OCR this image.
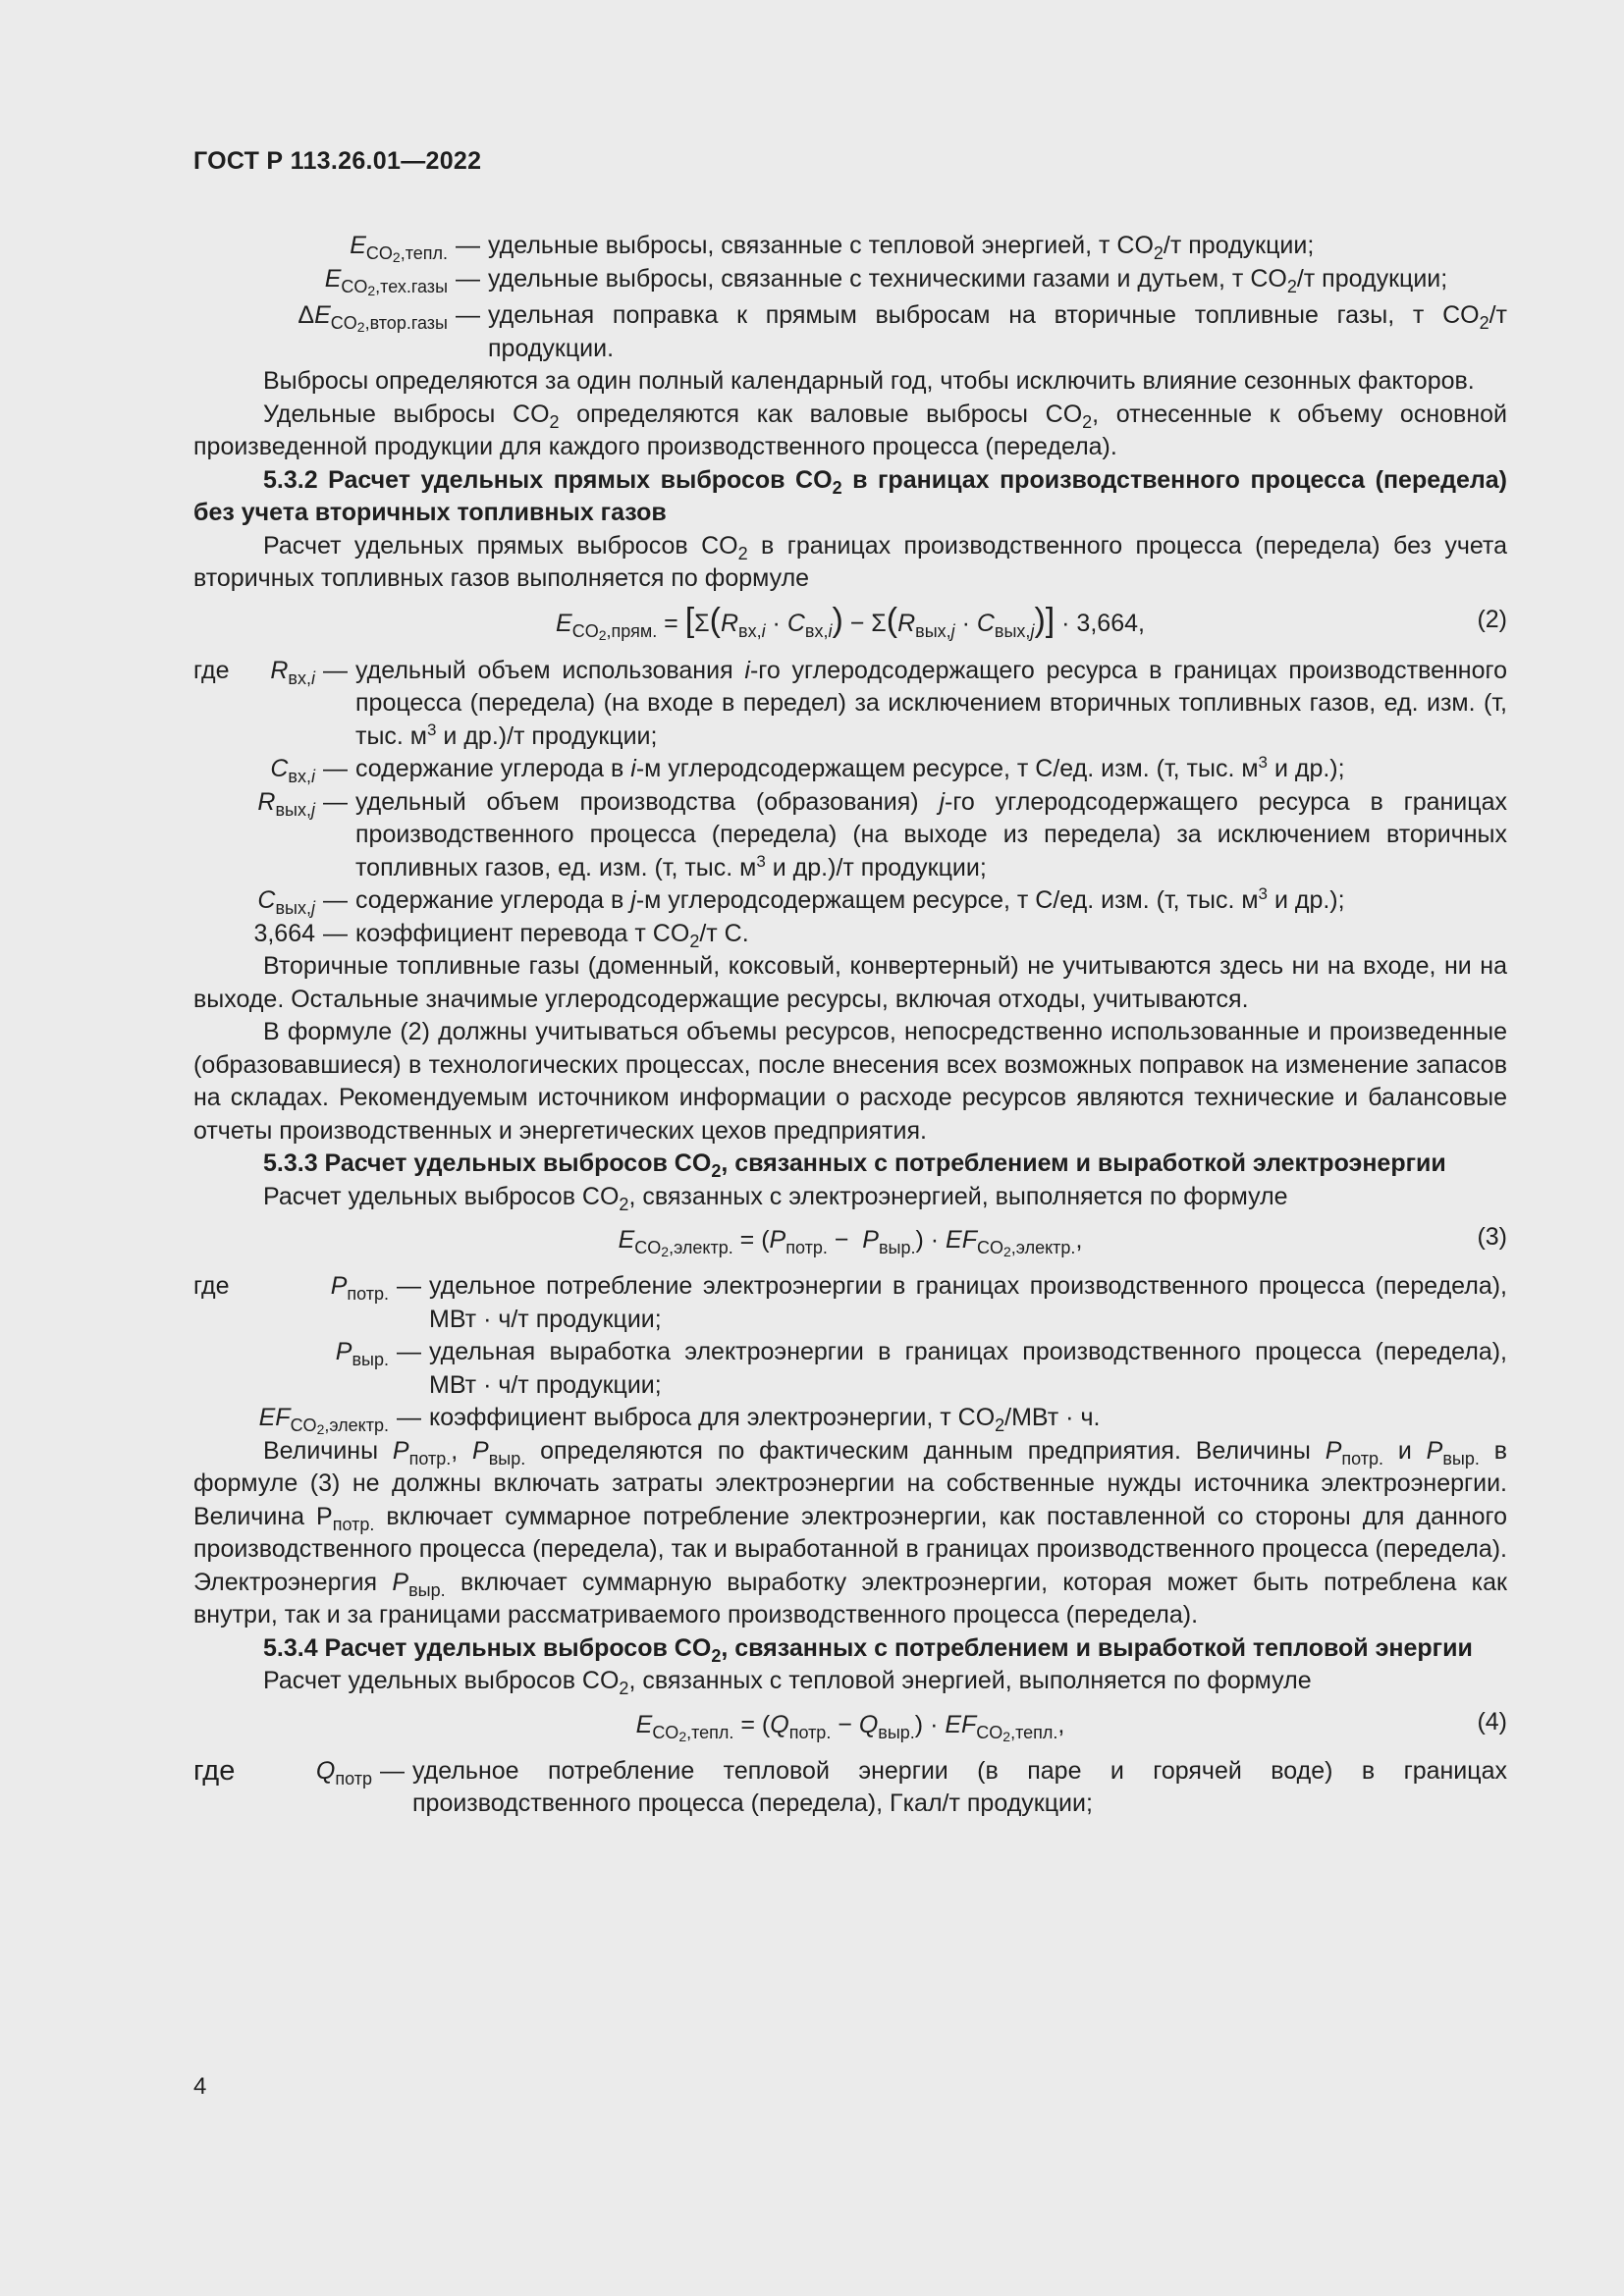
ГОСТ Р 113.26.01—2022
$E_{CO_2,тепл.}$ — удельные выбросы, связанные с тепловой энергией, т $CO_2/т$ продукции;
$E_{CO_2,тех.газы}$ — удельные выбросы, связанные с техническими газами и дутьем, т $CO_2/т$ продукции;
$\Delta E_{CO_2,втор.газы}$ — удельная поправка к прямым выбросам на вторичные топливные газы, т $CO_2/т$ продукции.

Выбросы определяются за один полный календарный год, чтобы исключить влияние сезонных факторов.

Удельные выбросы $CO_2$ определяются как валовые выбросы $CO_2$, отнесенные к объему основной произведенной продукции для каждого производственного процесса (передела).

5.3.2 Расчет удельных прямых выбросов $CO_2$ в границах производственного процесса (передела) без учета вторичных топливных газов

Расчет удельных прямых выбросов $CO_2$ в границах производственного процесса (передела) без учета вторичных топливных газов выполняется по формуле

$E_{CO_2,прям.} = [\Sigma(R_{вх,i} \cdot C_{вх,i}) - \Sigma(R_{вых,j} \cdot C_{вых,j})] \cdot 3,664$,	(2)
где	$R_{вх,i}$ — удельный объем использования i-го углеродсодержащего ресурса в границах производственного процесса (передела) (на входе в передел) за исключением вторичных топливных газов, ед. изм. (т, тыс. $м^3$ и др.)/т продукции;
$C_{вх,i}$ — содержание углерода в i-м углеродсодержащем ресурсе, т С/ед. изм. (т, тыс. $м^3$ и др.);
$R_{вых,j}$ — удельный объем производства (образования) j-го углеродсодержащего ресурса в границах производственного процесса (передела) (на выходе из передела) за исключением вторичных топливных газов, ед. изм. (т, тыс. $м^3$ и др.)/т продукции;
$C_{вых,j}$ — содержание углерода в j-м углеродсодержащем ресурсе, т С/ед. изм. (т, тыс. $м^3$ и др.);
3,664 — коэффициент перевода т $CO_2/т$ С.

Вторичные топливные газы (доменный, коксовый, конвертерный) не учитываются здесь ни на входе, ни на выходе. Остальные значимые углеродсодержащие ресурсы, включая отходы, учитываются.

В формуле (2) должны учитываться объемы ресурсов, непосредственно использованные и произведенные (образовавшиеся) в технологических процессах, после внесения всех возможных поправок на изменение запасов на складах. Рекомендуемым источником информации о расходе ресурсов являются технические и балансовые отчеты производственных и энергетических цехов предприятия.

5.3.3 Расчет удельных выбросов $CO_2$, связанных с потреблением и выработкой электроэнергии

Расчет удельных выбросов $CO_2$, связанных с электроэнергией, выполняется по формуле

$E_{CO_2,электр.} = (P_{потр.} - P_{выр.}) \cdot EF_{CO_2,электр.}$,	(3)
где	$P_{потр.}$ — удельное потребление электроэнергии в границах производственного процесса (передела), МВт · ч/т продукции;
$P_{выр.}$ — удельная выработка электроэнергии в границах производственного процесса (передела), МВт · ч/т продукции;
$EF_{CO_2,электр.}$ — коэффициент выброса для электроэнергии, т $CO_2$/МВт · ч.

Величины $P_{потр.}$, $P_{выр.}$ определяются по фактическим данным предприятия. Величины $P_{потр.}$ и $P_{выр.}$ в формуле (3) не должны включать затраты электроэнергии на собственные нужды источника электроэнергии. Величина $Р_{потр.}$ включает суммарное потребление электроэнергии, как поставленной со стороны для данного производственного процесса (передела), так и выработанной в границах производственного процесса (передела). Электроэнергия $P_{выр.}$ включает суммарную выработку электроэнергии, которая может быть потреблена как внутри, так и за границами рассматриваемого производственного процесса (передела).

5.3.4 Расчет удельных выбросов $CO_2$, связанных с потреблением и выработкой тепловой энергии

Расчет удельных выбросов $CO_2$, связанных с тепловой энергией, выполняется по формуле

$E_{CO_2,тепл.} = (Q_{потр.} - Q_{выр.}) \cdot EF_{CO_2,тепл.}$,	(4)
где	$Q_{потр}$ — удельное потребление тепловой энергии (в паре и горячей воде) в границах производственного процесса (передела), Гкал/т продукции;
4
